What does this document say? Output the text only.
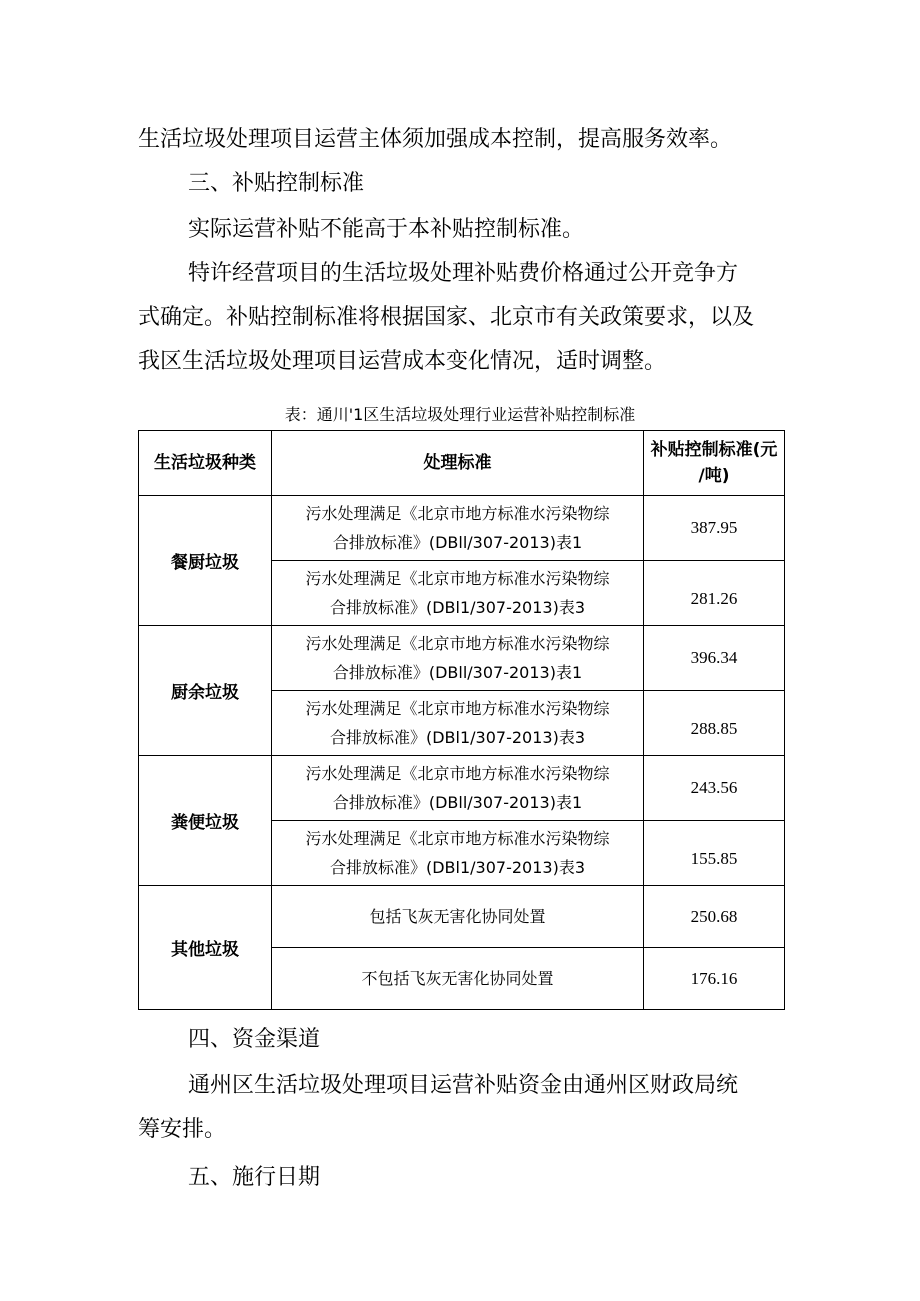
生活垃圾处理项目运营主体须加强成本控制，提高服务效率。
三、补贴控制标准
实际运营补贴不能高于本补贴控制标准。
特许经营项目的生活垃圾处理补贴费价格通过公开竞争方
式确定。补贴控制标准将根据国家、北京市有关政策要求，以及
我区生活垃圾处理项目运营成本变化情况，适时调整。
表：通川'1区生活垃圾处理行业运营补贴控制标准
生活垃圾种类	处理标准	补贴控制标准(元
/吨)

餐厨垃圾	污水处理满足《北京市地方标准水污染物综
合排放标准》(DBll/307-2013)表1	387.95

	污水处理满足《北京市地方标准水污染物综
合排放标准》(DBl1/307-2013)表3	281.26
厨余垃圾	污水处理满足《北京市地方标准水污染物综
合排放标准》(DBll/307-2013)表1	396.34

	污水处理满足《北京市地方标准水污染物综
合排放标准》(DBl1/307-2013)表3	288.85
粪便垃圾	污水处理满足《北京市地方标准水污染物综
合排放标准》(DBll/307-2013)表1	243.56

	污水处理满足《北京市地方标准水污染物综
合排放标准》(DBl1/307-2013)表3	155.85
其他垃圾	包括飞灰无害化协同处置	250.68
	不包括飞灰无害化协同处置	176.16
四、资金渠道
通州区生活垃圾处理项目运营补贴资金由通州区财政局统
筹安排。
五、施行日期
